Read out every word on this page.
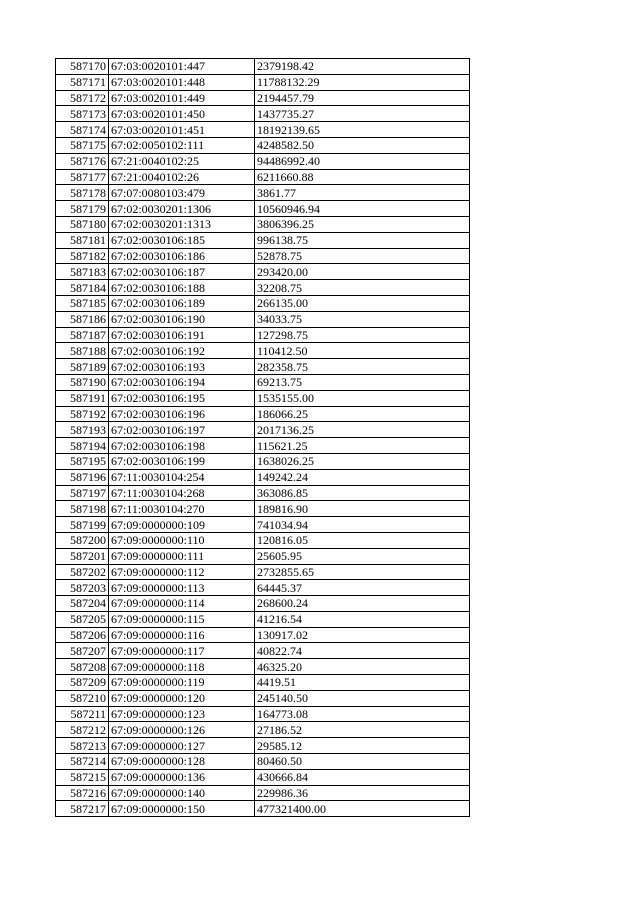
587170	67:03:0020101:447	2379198.42
587171	67:03:0020101:448	11788132.29
587172	67:03:0020101:449	2194457.79
587173	67:03:0020101:450	1437735.27
587174	67:03:0020101:451	18192139.65
587175	67:02:0050102:111	4248582.50
587176	67:21:0040102:25	94486992.40
587177	67:21:0040102:26	6211660.88
587178	67:07:0080103:479	3861.77
587179	67:02:0030201:1306	10560946.94
587180	67:02:0030201:1313	3806396.25
587181	67:02:0030106:185	996138.75
587182	67:02:0030106:186	52878.75
587183	67:02:0030106:187	293420.00
587184	67:02:0030106:188	32208.75
587185	67:02:0030106:189	266135.00
587186	67:02:0030106:190	34033.75
587187	67:02:0030106:191	127298.75
587188	67:02:0030106:192	110412.50
587189	67:02:0030106:193	282358.75
587190	67:02:0030106:194	69213.75
587191	67:02:0030106:195	1535155.00
587192	67:02:0030106:196	186066.25
587193	67:02:0030106:197	2017136.25
587194	67:02:0030106:198	115621.25
587195	67:02:0030106:199	1638026.25
587196	67:11:0030104:254	149242.24
587197	67:11:0030104:268	363086.85
587198	67:11:0030104:270	189816.90
587199	67:09:0000000:109	741034.94
587200	67:09:0000000:110	120816.05
587201	67:09:0000000:111	25605.95
587202	67:09:0000000:112	2732855.65
587203	67:09:0000000:113	64445.37
587204	67:09:0000000:114	268600.24
587205	67:09:0000000:115	41216.54
587206	67:09:0000000:116	130917.02
587207	67:09:0000000:117	40822.74
587208	67:09:0000000:118	46325.20
587209	67:09:0000000:119	4419.51
587210	67:09:0000000:120	245140.50
587211	67:09:0000000:123	164773.08
587212	67:09:0000000:126	27186.52
587213	67:09:0000000:127	29585.12
587214	67:09:0000000:128	80460.50
587215	67:09:0000000:136	430666.84
587216	67:09:0000000:140	229986.36
587217	67:09:0000000:150	477321400.00
